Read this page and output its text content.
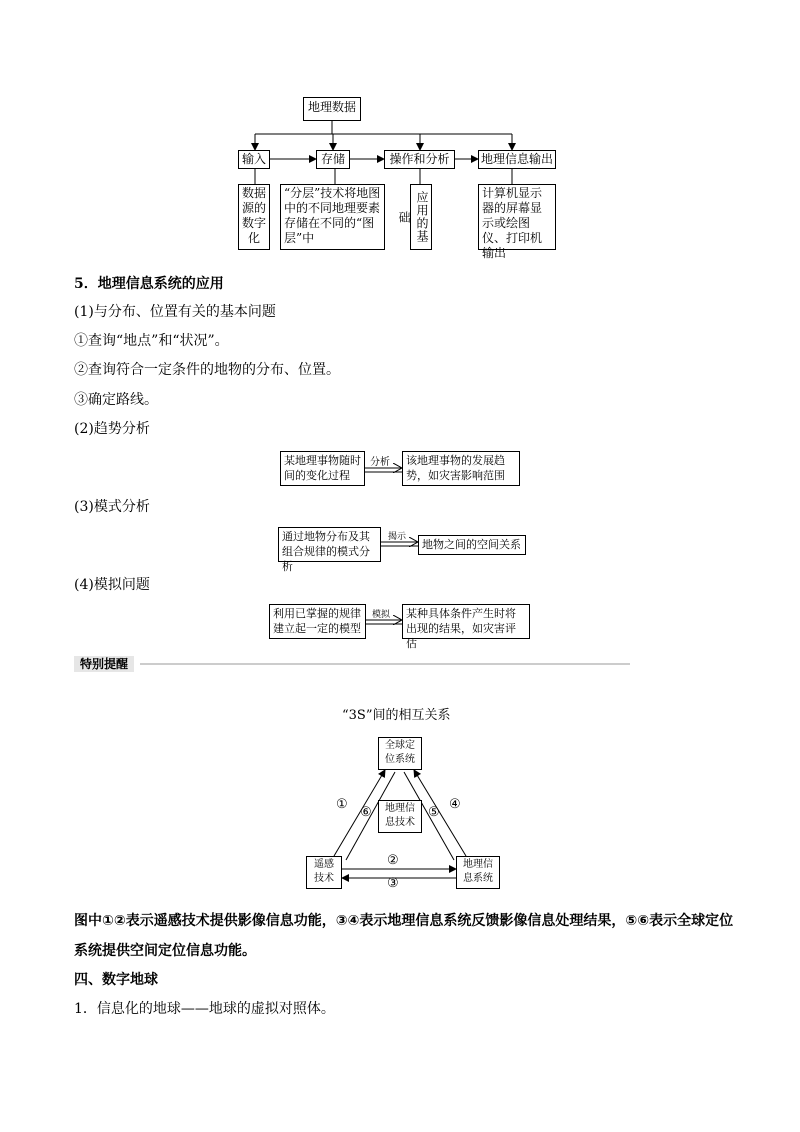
地理数据
输入	存储	操作和分析	地理信息输出
数据源的数字化
“分层”技术将地图中的不同地理要素存储在不同的“图层”中	应用的基础
计算机显示器的屏幕显示或绘图仪、打印机输出
5．地理信息系统的应用
(1)与分布、位置有关的基本问题
①查询“地点”和“状况”。
②查询符合一定条件的地物的分布、位置。
③确定路线。
(2)趋势分析
某地理事物随时间的变化过程
分析	该地理事物的发展趋势，如灾害影响范围
(3)模式分析
通过地物分布及其组合规律的模式分析
揭示
地物之间的空间关系
(4)模拟问题
利用已掌握的规律建立起一定的模型
模拟	某种具体条件产生时将出现的结果，如灾害评估
特别提醒
“3S”间的相互关系
全球定位系统
地理信息技术
遥感技术
地理信息系统
①
⑥	⑤
④
②
③
图中①②表示遥感技术提供影像信息功能，③④表示地理信息系统反馈影像信息处理结果，⑤⑥表示全球定位系统提供空间定位信息功能。
四、数字地球
1．信息化的地球——地球的虚拟对照体。
